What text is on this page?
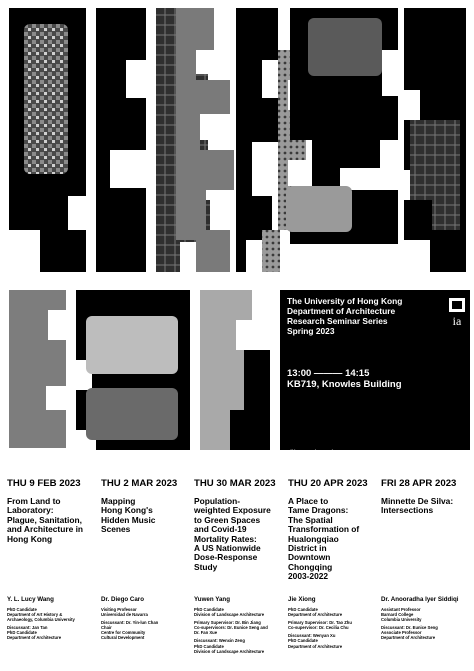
The University of Hong Kong
Department of Architecture
Research Seminar Series
Spring 2023
ia
13:00 ——— 14:15
KB719, Knowles Building
All interested are welcome.
Enquiry: hkuniche@hku.hk
THU 9 FEB 2023
From Land to
Laboratory:
Plague, Sanitation,
and Architecture in
Hong Kong
Y. L. Lucy Wang
PhD Candidate
Department of Art History &
Archaeology, Columbia University
Discussant: Jan Tan
PhD Candidate
Department of Architecture
THU 2 MAR 2023
Mapping
Hong Kong's
Hidden Music
Scenes
Dr. Diego Caro
Visiting Professor
Universidad de Navarra
Discussant: Dr. Yin-lun Chan
Chair
Centre for Community
Cultural Development
THU 30 MAR 2023
Population-
weighted Exposure
to Green Spaces
and Covid-19
Mortality Rates:
A US Nationwide
Dose-Response
Study
Yuwen Yang
PhD Candidate
Division of Landscape Architecture
Primary Supervisor: Dr. Bin Jiang
Co-supervisors: Dr. Eunice Seng and
Dr. Fan Xue
Discussant: Wenxin Zeng
PhD Candidate
Division of Landscape Architecture
THU 20 APR 2023
A Place to
Tame Dragons:
The Spatial
Transformation of
Hualongqiao
District in
Downtown
Chongqing
2003-2022
Jie Xiong
PhD Candidate
Department of Architecture
Primary Supervisor: Dr. Tao Zhu
Co-supervisor: Dr. Cecilia Chu
Discussant: Wenyan Xu
PhD Candidate
Department of Architecture
FRI 28 APR 2023
Minnette De Silva:
Intersections
Dr. Anooradha Iyer Siddiqi
Assistant Professor
Barnard College
Columbia University
Discussant: Dr. Eunice Seng
Associate Professor
Department of Architecture
